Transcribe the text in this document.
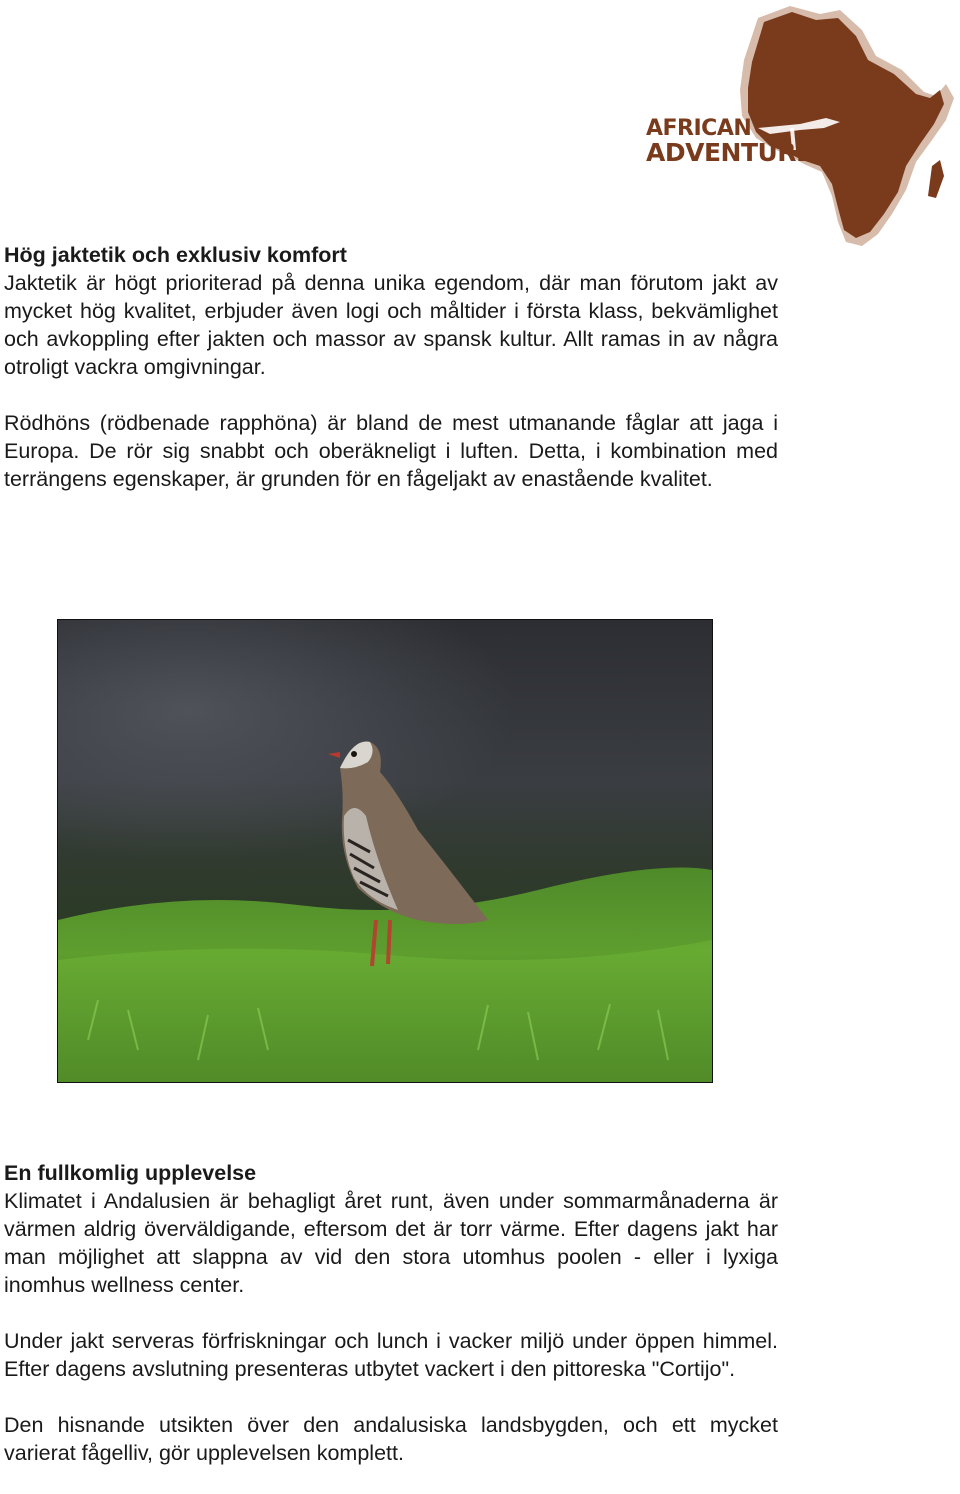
AFRICAN
ADVENTURE
Hög jaktetik och exklusiv komfort

Jaktetik är högt prioriterad på denna unika egendom, där man förutom jakt av mycket hög kvalitet, erbjuder även logi och måltider i första klass, bekvämlighet och avkoppling efter jakten och massor av spansk kultur. Allt ramas in av några otroligt vackra omgivningar.

Rödhöns (rödbenade rapphöna) är bland de mest utmanande fåglar att jaga i Europa. De rör sig snabbt och oberäkneligt i luften. Detta, i kombination med terrängens egenskaper, är grunden för en fågeljakt av enastående kvalitet.

En fullkomlig upplevelse

Klimatet i Andalusien är behagligt året runt, även under sommarmånaderna är värmen aldrig överväldigande, eftersom det är torr värme. Efter dagens jakt har man möjlighet att slappna av vid den stora utomhus poolen - eller i lyxiga inomhus wellness center.

Under jakt serveras förfriskningar och lunch i vacker miljö under öppen himmel. Efter dagens avslutning presenteras utbytet vackert i den pittoreska "Cortijo".

Den hisnande utsikten över den andalusiska landsbygden, och ett mycket varierat fågelliv, gör upplevelsen komplett.
